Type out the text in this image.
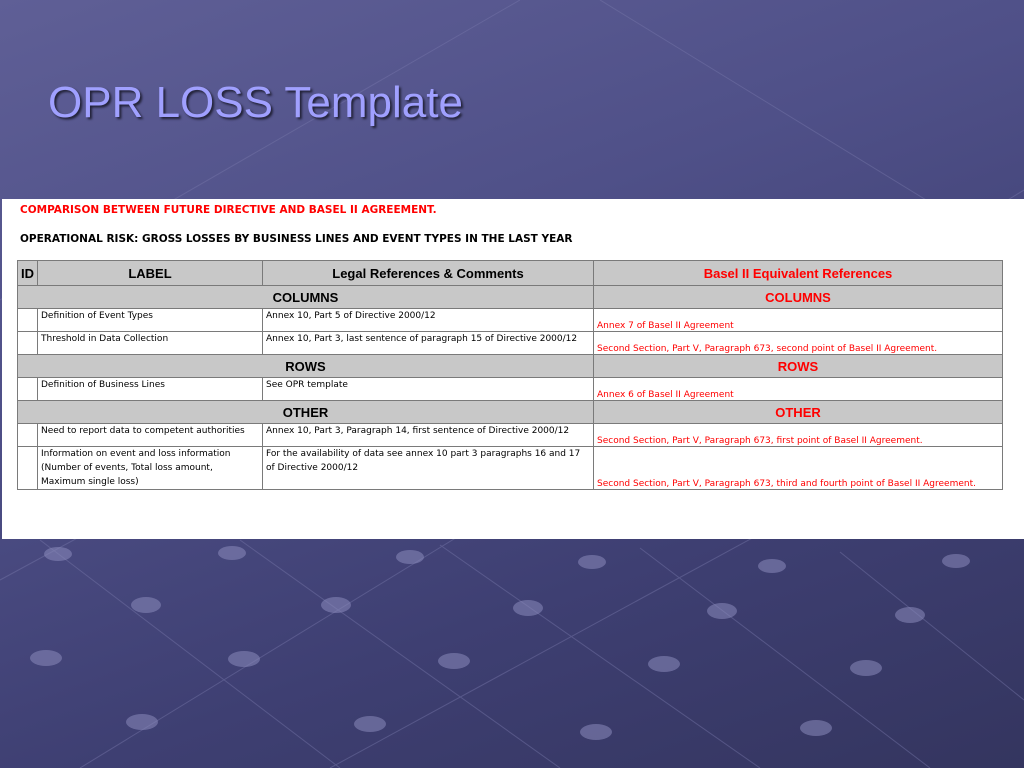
OPR LOSS Template
COMPARISON BETWEEN FUTURE DIRECTIVE AND BASEL II AGREEMENT.
OPERATIONAL RISK: GROSS LOSSES BY BUSINESS LINES AND EVENT TYPES IN THE LAST YEAR
ID	LABEL	Legal References & Comments	Basel II Equivalent References
COLUMNS			COLUMNS
	Definition of Event Types	Annex 10, Part 5 of Directive 2000/12	Annex 7 of Basel II Agreement
	Threshold in Data Collection	Annex 10, Part 3, last sentence of paragraph 15 of Directive 2000/12	Second Section, Part V, Paragraph 673, second point of Basel II Agreement.
ROWS			ROWS
	Definition of Business Lines	See OPR template	Annex 6 of Basel II Agreement
OTHER			OTHER
	Need to report data to competent authorities	Annex 10, Part 3, Paragraph 14, first sentence of Directive 2000/12	Second Section, Part V, Paragraph 673, first point of Basel II Agreement.
	Information on event and loss information (Number of events, Total loss amount, Maximum single loss)	For the availability of data see annex 10 part 3 paragraphs 16 and 17 of Directive 2000/12	Second Section, Part V, Paragraph 673, third and fourth point of Basel II Agreement.
